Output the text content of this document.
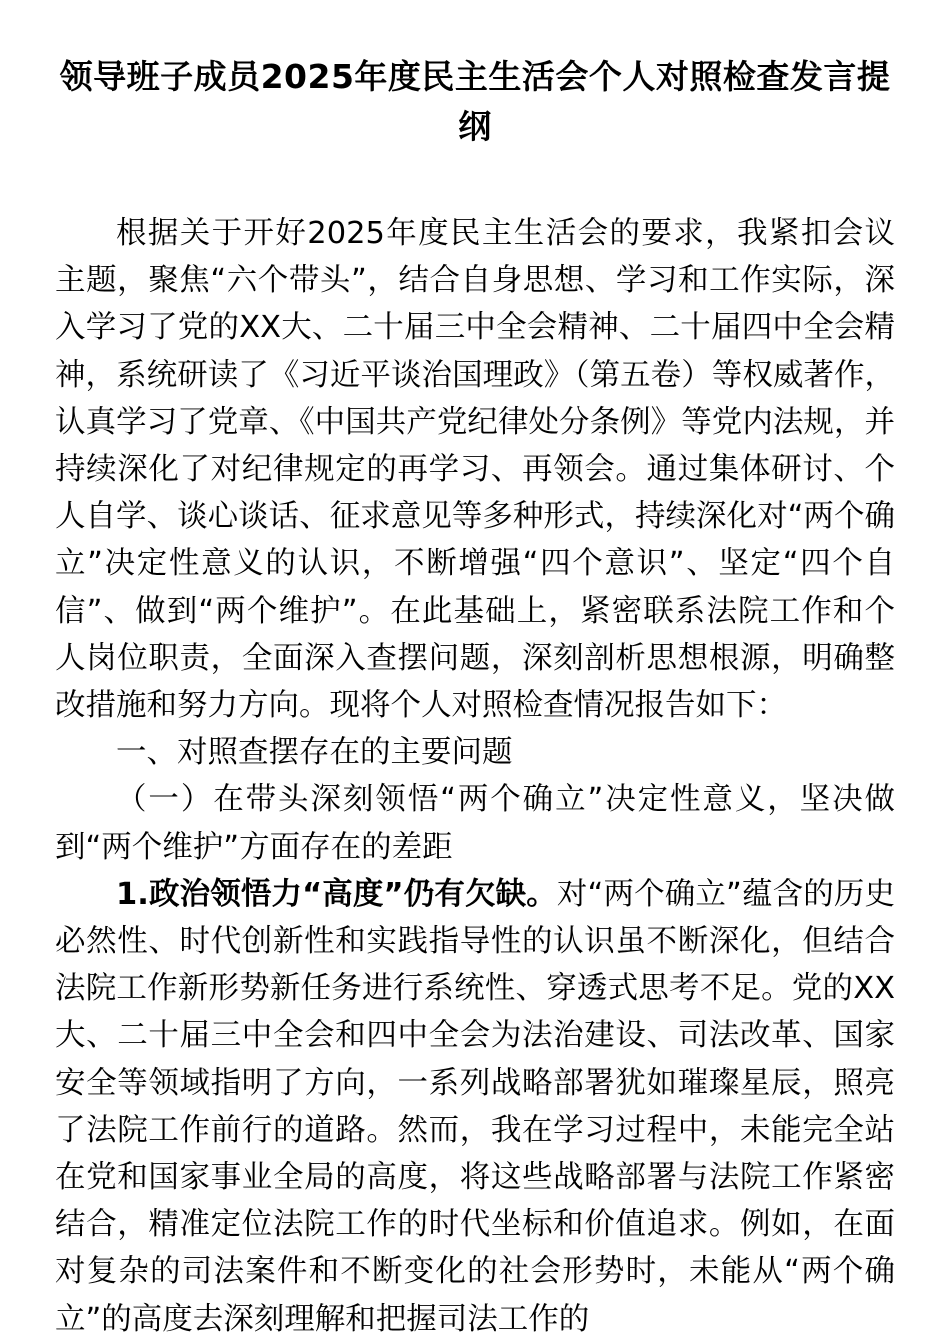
领导班子成员2025年度民主生活会个人对照检查发言提纲

根据关于开好2025年度民主生活会的要求，我紧扣会议主题，聚焦“六个带头”，结合自身思想、学习和工作实际，深入学习了党的XX大、二十届三中全会精神、二十届四中全会精神，系统研读了《习近平谈治国理政》（第五卷）等权威著作，认真学习了党章、《中国共产党纪律处分条例》等党内法规，并持续深化了对纪律规定的再学习、再领会。通过集体研讨、个人自学、谈心谈话、征求意见等多种形式，持续深化对“两个确立”决定性意义的认识，不断增强“四个意识”、坚定“四个自信”、做到“两个维护”。在此基础上，紧密联系法院工作和个人岗位职责，全面深入查摆问题，深刻剖析思想根源，明确整改措施和努力方向。现将个人对照检查情况报告如下：

一、对照查摆存在的主要问题

（一）在带头深刻领悟“两个确立”决定性意义，坚决做到“两个维护”方面存在的差距

1.政治领悟力“高度”仍有欠缺。对“两个确立”蕴含的历史必然性、时代创新性和实践指导性的认识虽不断深化，但结合法院工作新形势新任务进行系统性、穿透式思考不足。党的XX大、二十届三中全会和四中全会为法治建设、司法改革、国家安全等领域指明了方向，一系列战略部署犹如璀璨星辰，照亮了法院工作前行的道路。然而，我在学习过程中，未能完全站在党和国家事业全局的高度，将这些战略部署与法院工作紧密结合，精准定位法院工作的时代坐标和价值追求。例如，在面对复杂的司法案件和不断变化的社会形势时，未能从“两个确立”的高度去深刻理解和把握司法工作的
